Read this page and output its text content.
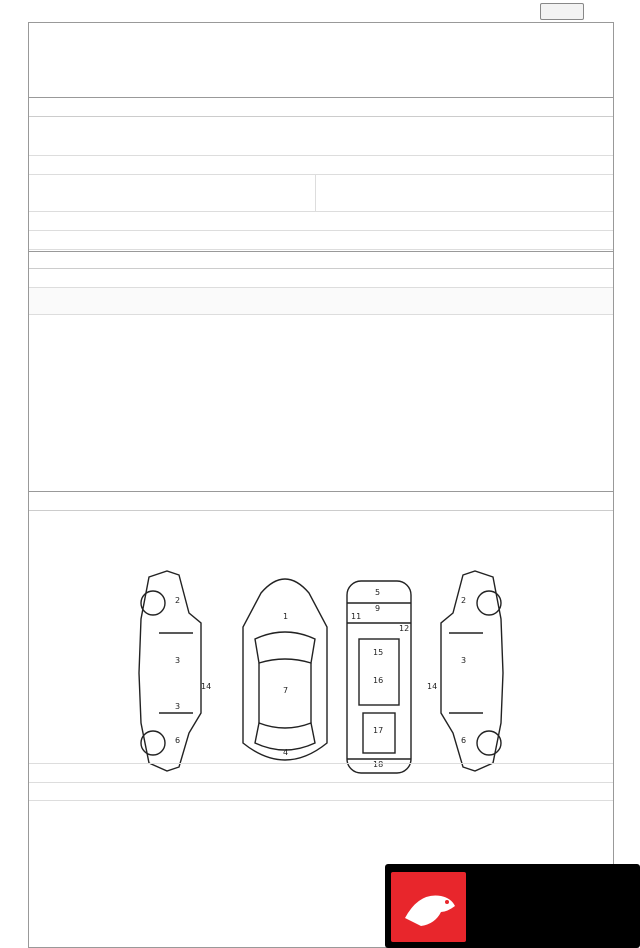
2
3
14
3
6
1
7
4
5
9
11
12
15
16
17
18
2
3
14
6
